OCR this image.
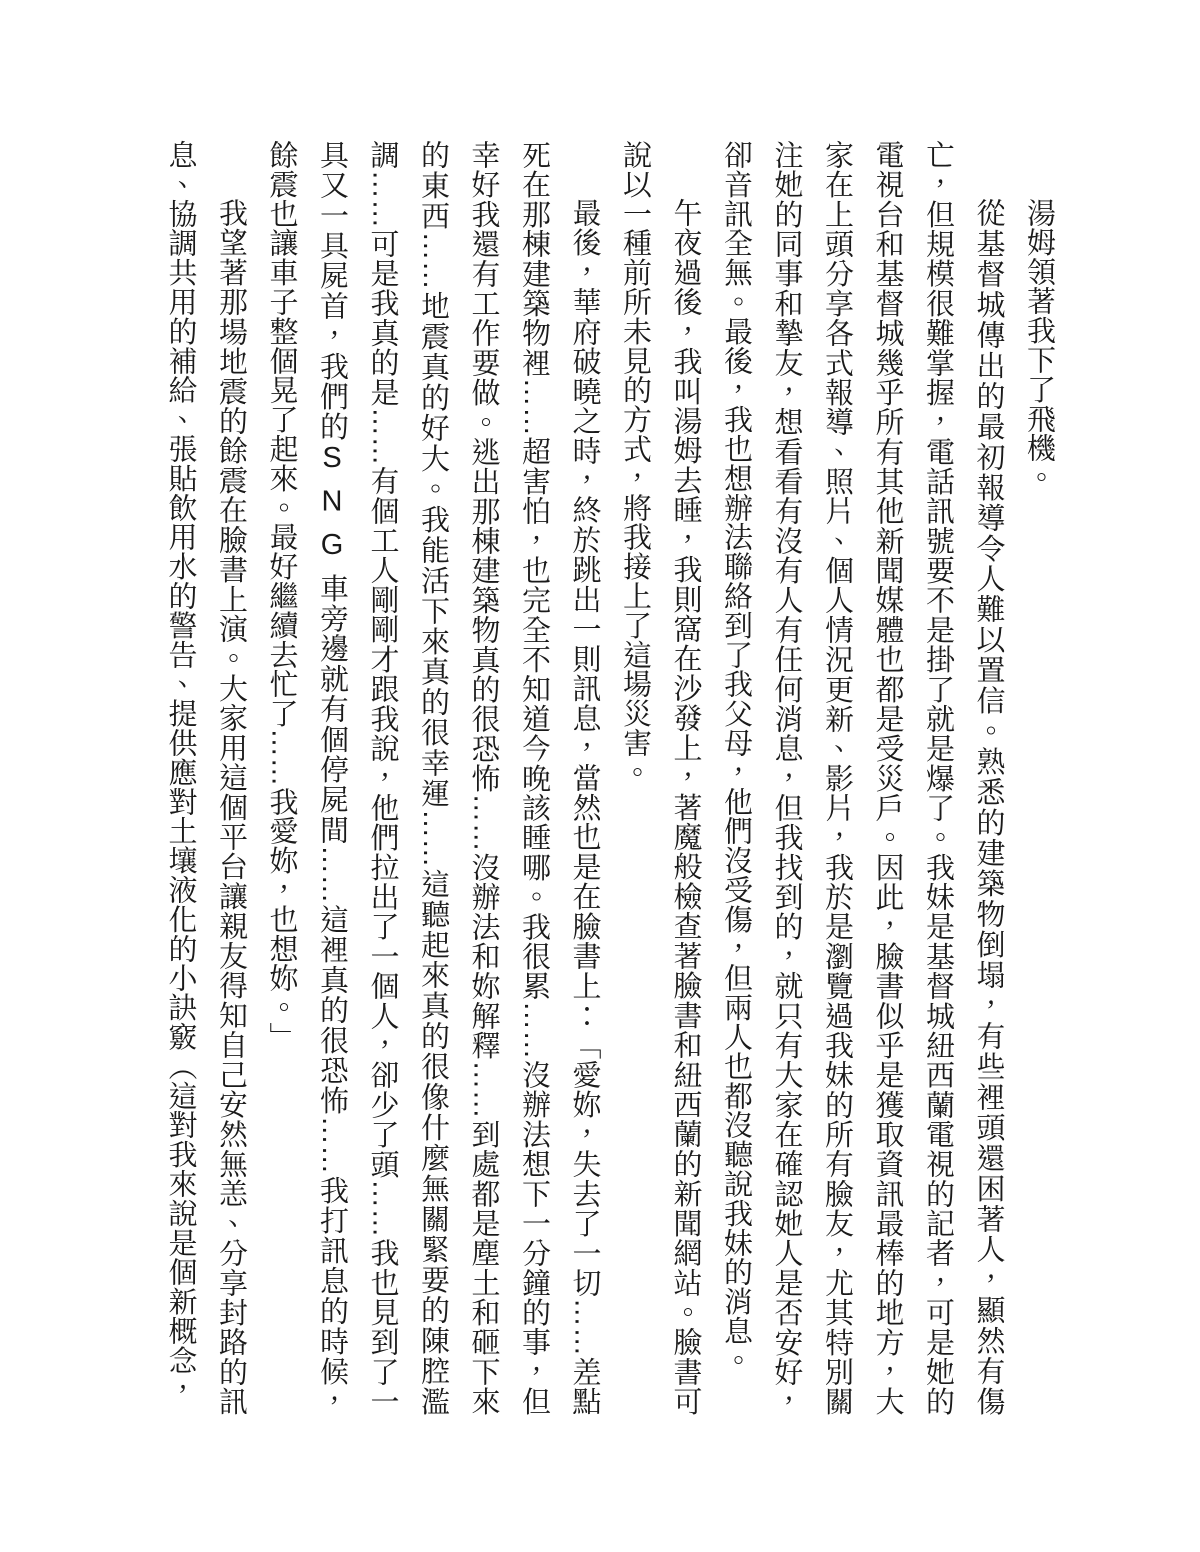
湯姆領著我下了飛機。

從基督城傳出的最初報導令人難以置信。熟悉的建築物倒塌，有些裡頭還困著人，顯然有傷亡，但規模很難掌握，電話訊號要不是掛了就是爆了。我妹是基督城紐西蘭電視的記者，可是她的電視台和基督城幾乎所有其他新聞媒體也都是受災戶。因此，臉書似乎是獲取資訊最棒的地方，大家在上頭分享各式報導、照片、個人情況更新、影片，我於是瀏覽過我妹的所有臉友，尤其特別關注她的同事和摯友，想看看有沒有人有任何消息，但我找到的，就只有大家在確認她人是否安好，卻音訊全無。最後，我也想辦法聯絡到了我父母，他們沒受傷，但兩人也都沒聽說我妹的消息。

午夜過後，我叫湯姆去睡，我則窩在沙發上，著魔般檢查著臉書和紐西蘭的新聞網站。臉書可說以一種前所未見的方式，將我接上了這場災害。

最後，華府破曉之時，終於跳出一則訊息，當然也是在臉書上：「愛妳，失去了一切……差點死在那棟建築物裡……超害怕，也完全不知道今晚該睡哪。我很累……沒辦法想下一分鐘的事，但幸好我還有工作要做。逃出那棟建築物真的很恐怖……沒辦法和妳解釋……到處都是塵土和砸下來的東西……地震真的好大。我能活下來真的很幸運……這聽起來真的很像什麼無關緊要的陳腔濫調……可是我真的是……有個工人剛剛才跟我說，他們拉出了一個人，卻少了頭……我也見到了一具又一具屍首，我們的SNG車旁邊就有個停屍間……這裡真的很恐怖……我打訊息的時候，餘震也讓車子整個晃了起來。最好繼續去忙了……我愛妳，也想妳。」

我望著那場地震的餘震在臉書上演。大家用這個平台讓親友得知自己安然無恙、分享封路的訊息、協調共用的補給、張貼飲用水的警告、提供應對土壤液化的小訣竅（這對我來說是個新概念，
